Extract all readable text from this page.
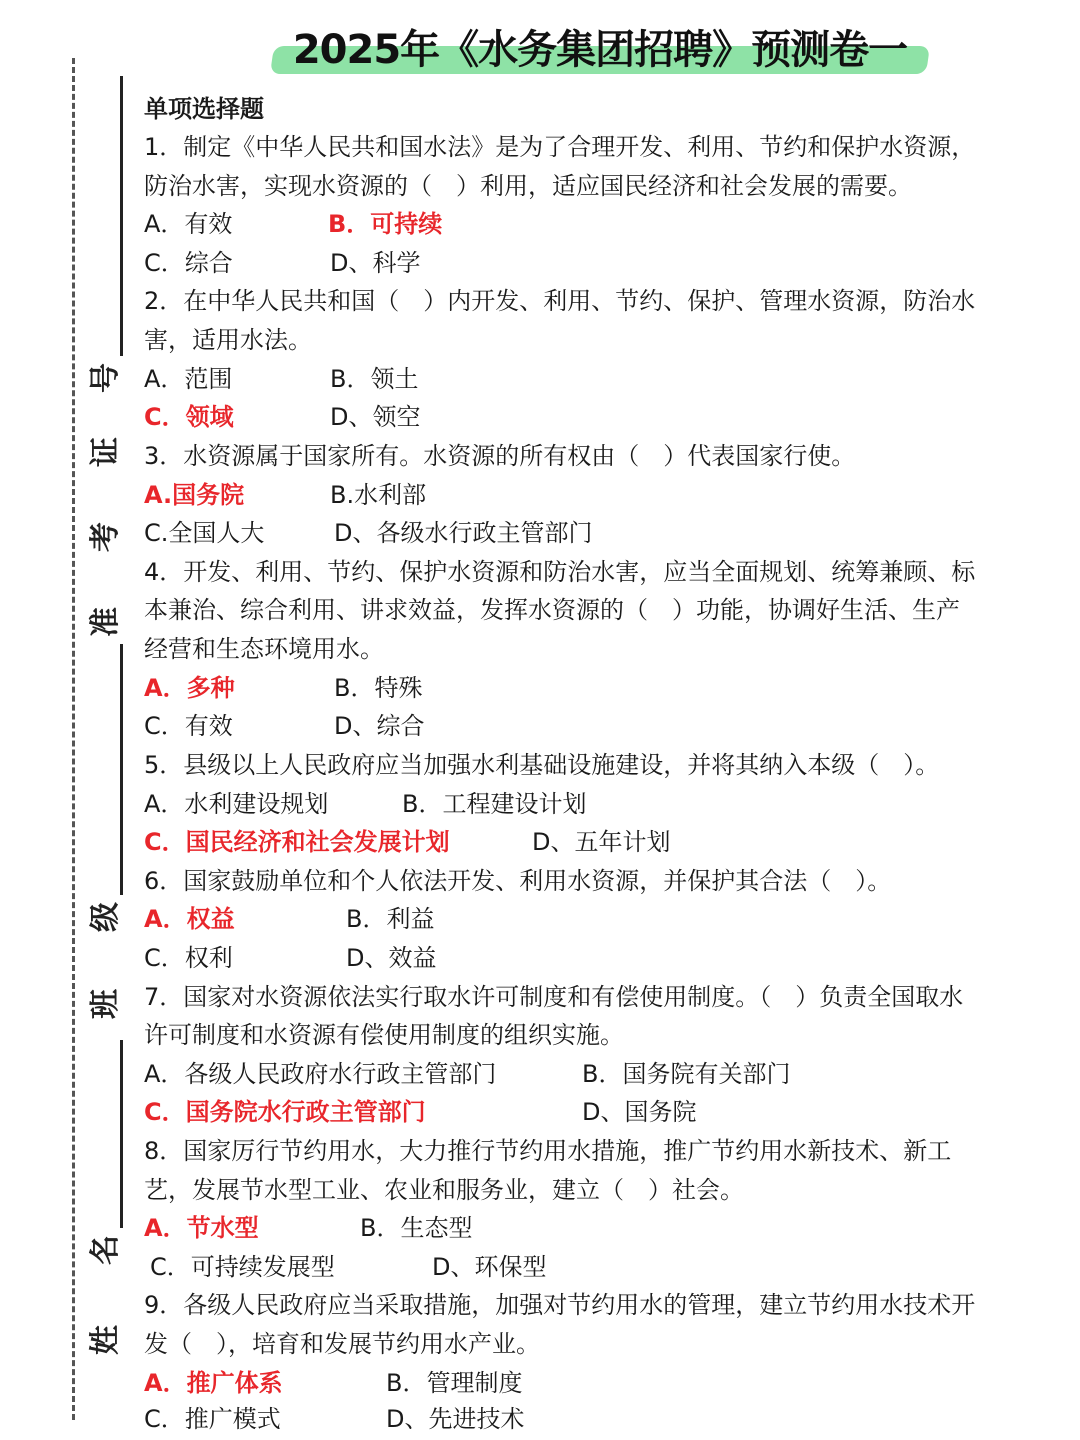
2025年《水务集团招聘》预测卷一
号
证
考
准
级
班
名
姓
单项选择题
1．制定《中华人民共和国水法》是为了合理开发、利用、节约和保护水资源，
防治水害，实现水资源的（　）利用，适应国民经济和社会发展的需要。
A．有效	B．可持续
C．综合	D、科学
2．在中华人民共和国（　）内开发、利用、节约、保护、管理水资源，防治水
害，适用水法。
A．范围	B．领土
C．领域	D、领空
3．水资源属于国家所有。水资源的所有权由（　）代表国家行使。
A.国务院	B.水利部
C.全国人大	D、各级水行政主管部门
4．开发、利用、节约、保护水资源和防治水害，应当全面规划、统筹兼顾、标
本兼治、综合利用、讲求效益，发挥水资源的（　）功能，协调好生活、生产
经营和生态环境用水。
A．多种	B．特殊
C．有效	D、综合
5．县级以上人民政府应当加强水利基础设施建设，并将其纳入本级（　）。
A．水利建设规划	B．工程建设计划
C．国民经济和社会发展计划	D、五年计划
6．国家鼓励单位和个人依法开发、利用水资源，并保护其合法（　）。
A．权益	B．利益
C．权利	D、效益
7．国家对水资源依法实行取水许可制度和有偿使用制度。（　）负责全国取水
许可制度和水资源有偿使用制度的组织实施。
A．各级人民政府水行政主管部门	B．国务院有关部门
C．国务院水行政主管部门	D、国务院
8．国家厉行节约用水，大力推行节约用水措施，推广节约用水新技术、新工
艺，发展节水型工业、农业和服务业，建立（　）社会。
A．节水型	B．生态型
C．可持续发展型	D、环保型
9．各级人民政府应当采取措施，加强对节约用水的管理，建立节约用水技术开
发（　），培育和发展节约用水产业。
A．推广体系	B．管理制度
C．推广模式	D、先进技术
